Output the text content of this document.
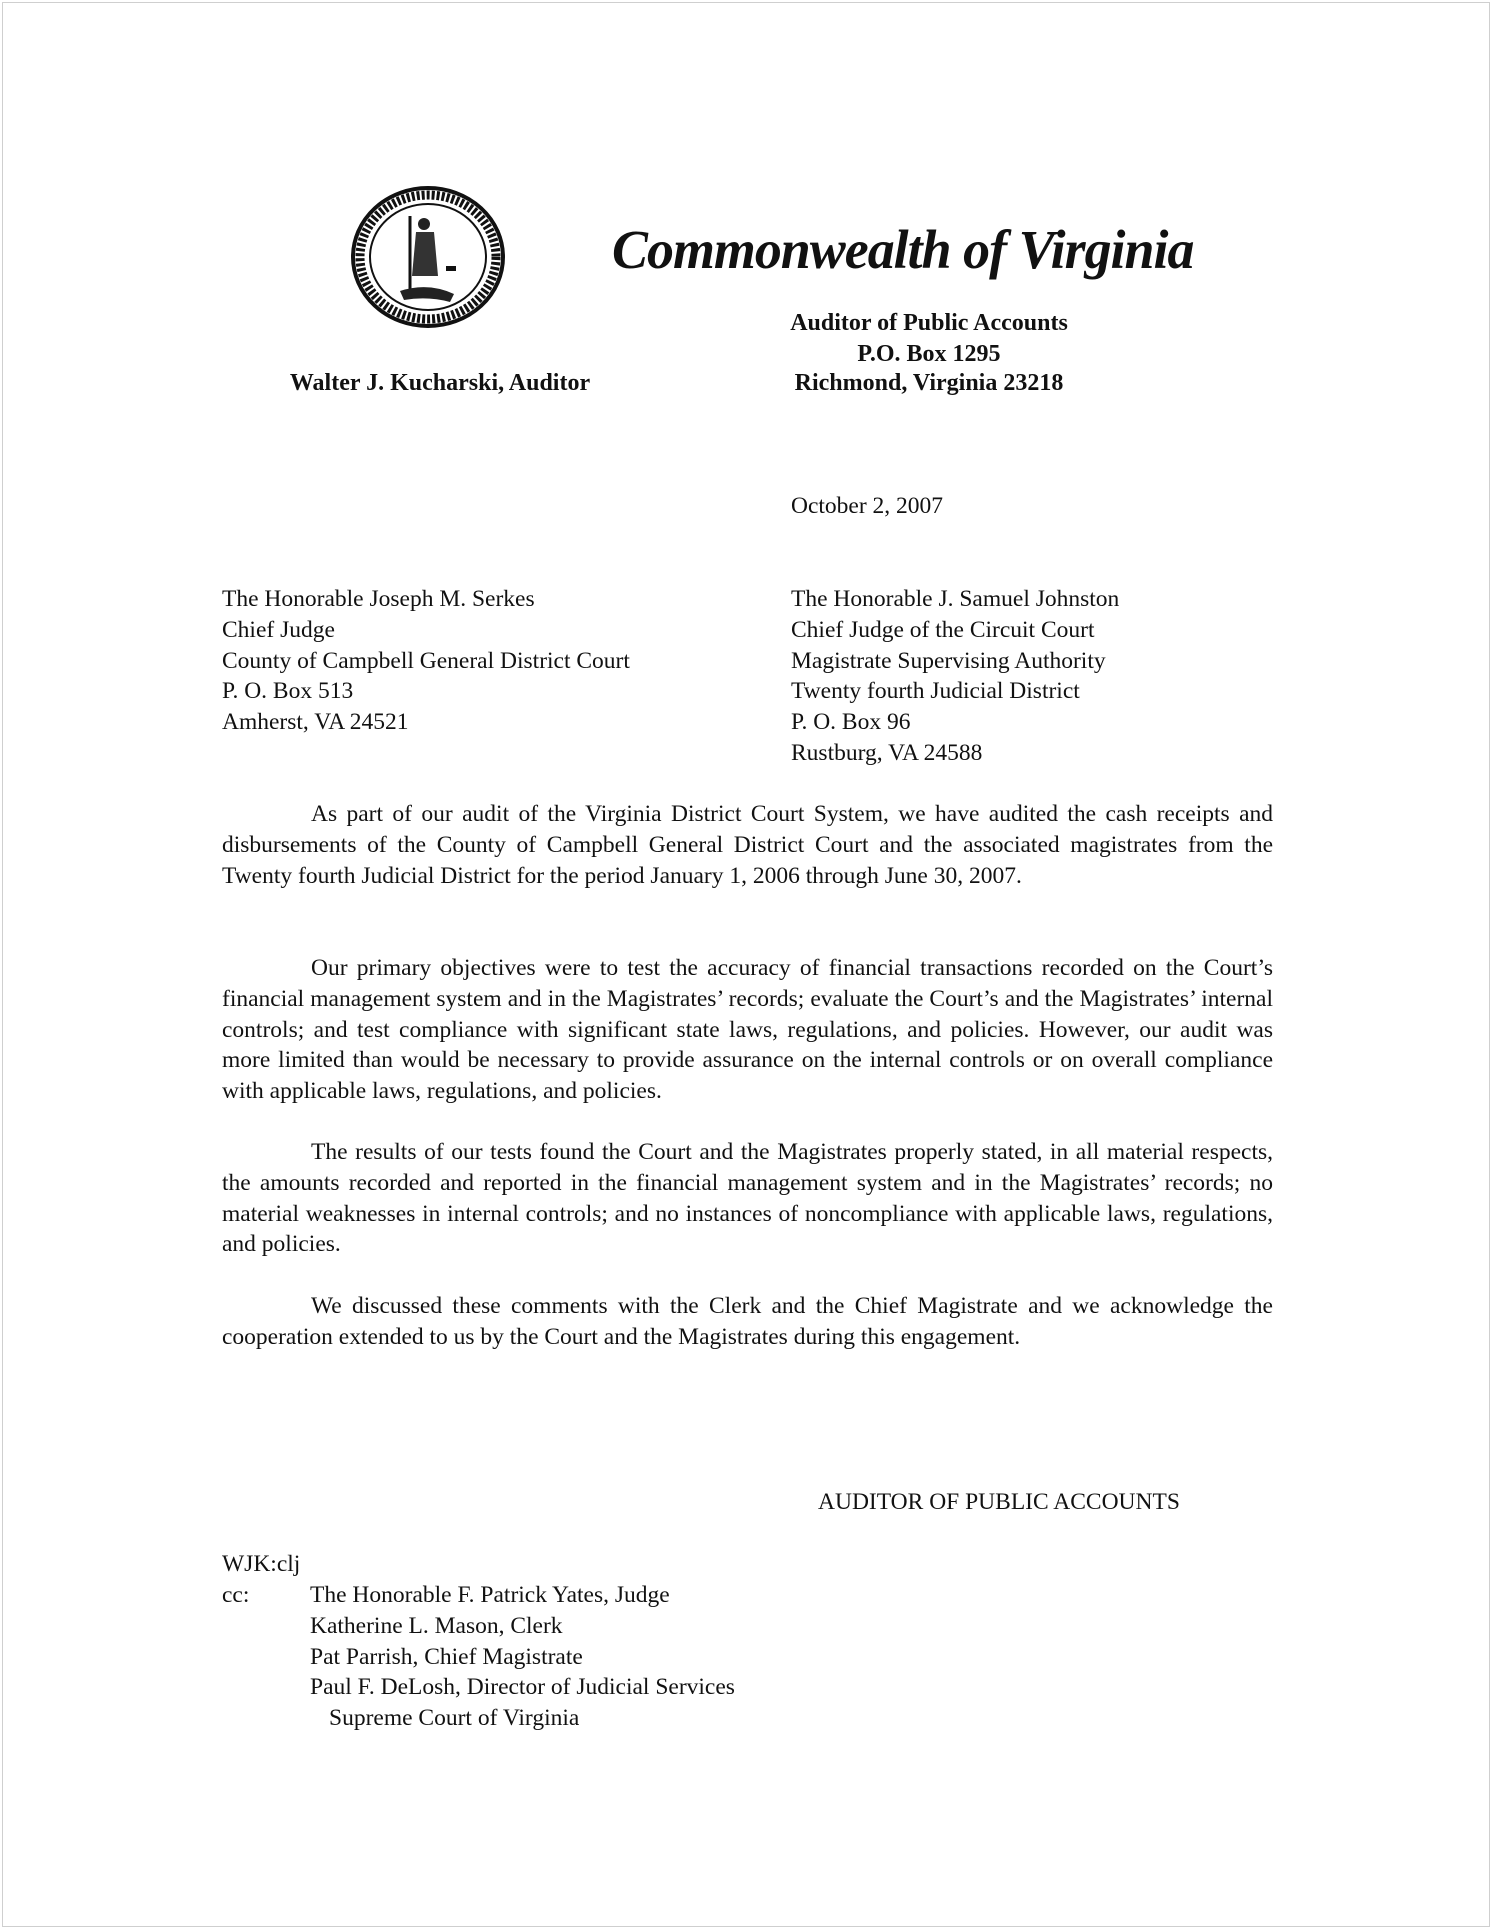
Commonwealth of Virginia
Auditor of Public Accounts
P.O. Box 1295
Richmond, Virginia 23218
Walter J. Kucharski, Auditor
October 2, 2007
The Honorable Joseph M. Serkes
Chief Judge
County of Campbell General District Court
P. O. Box 513
Amherst, VA 24521
The Honorable J. Samuel Johnston
Chief Judge of the Circuit Court
Magistrate Supervising Authority
Twenty fourth Judicial District
P. O. Box 96
Rustburg, VA 24588
As part of our audit of the Virginia District Court System, we have audited the cash receipts and disbursements of the County of Campbell General District Court and the associated magistrates from the Twenty fourth Judicial District for the period January 1, 2006 through June 30, 2007.
Our primary objectives were to test the accuracy of financial transactions recorded on the Court’s financial management system and in the Magistrates’ records; evaluate the Court’s and the Magistrates’ internal controls; and test compliance with significant state laws, regulations, and policies. However, our audit was more limited than would be necessary to provide assurance on the internal controls or on overall compliance with applicable laws, regulations, and policies.
The results of our tests found the Court and the Magistrates properly stated, in all material respects, the amounts recorded and reported in the financial management system and in the Magistrates’ records; no material weaknesses in internal controls; and no instances of noncompliance with applicable laws, regulations, and policies.
We discussed these comments with the Clerk and the Chief Magistrate and we acknowledge the cooperation extended to us by the Court and the Magistrates during this engagement.
AUDITOR OF PUBLIC ACCOUNTS
WJK:clj
cc:	The Honorable F. Patrick Yates, Judge
Katherine L. Mason, Clerk
Pat Parrish, Chief Magistrate
Paul F. DeLosh, Director of Judicial Services
Supreme Court of Virginia
